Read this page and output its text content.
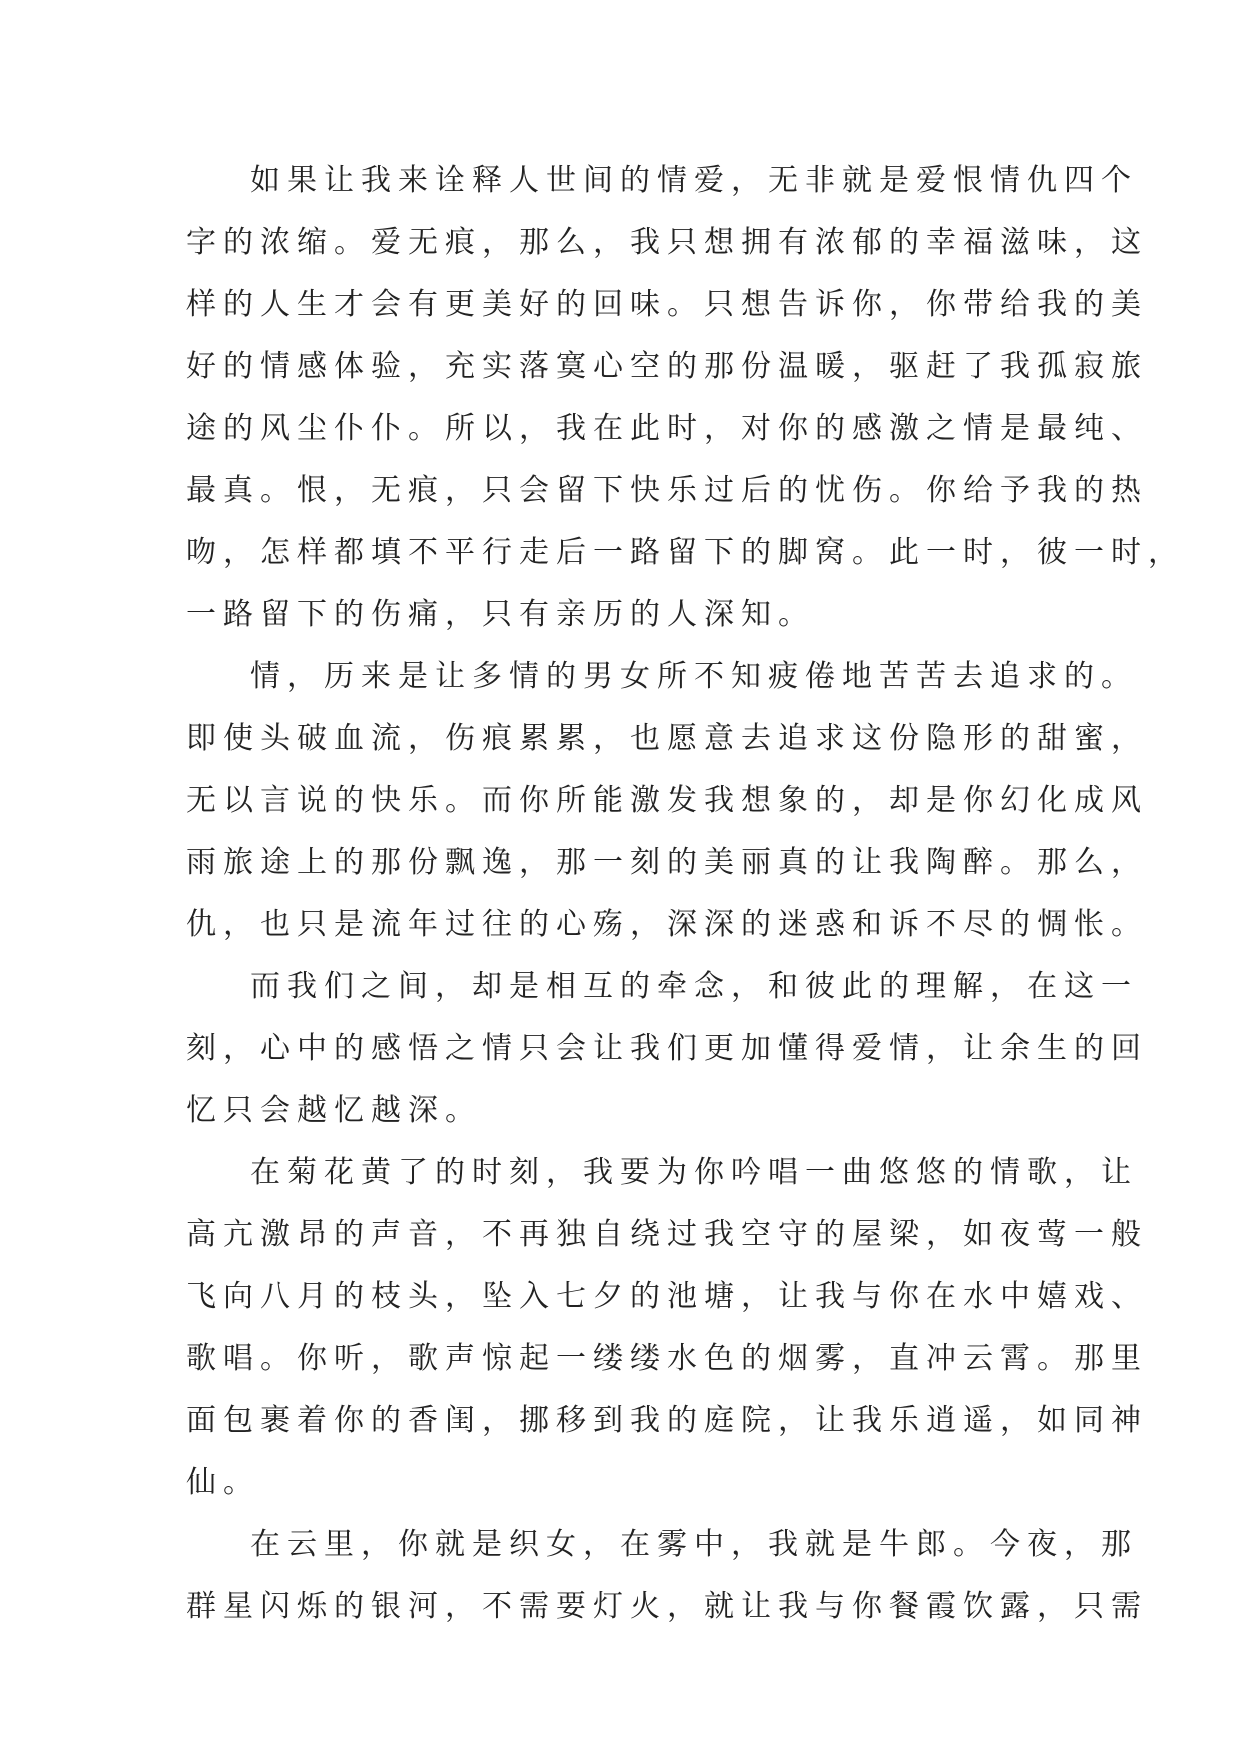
如果让我来诠释人世间的情爱，无非就是爱恨情仇四个
字的浓缩。爱无痕，那么，我只想拥有浓郁的幸福滋味，这
样的人生才会有更美好的回味。只想告诉你，你带给我的美
好的情感体验，充实落寞心空的那份温暖，驱赶了我孤寂旅
途的风尘仆仆。所以，我在此时，对你的感激之情是最纯、
最真。恨，无痕，只会留下快乐过后的忧伤。你给予我的热
吻，怎样都填不平行走后一路留下的脚窝。此一时，彼一时，
一路留下的伤痛，只有亲历的人深知。
情，历来是让多情的男女所不知疲倦地苦苦去追求的。
即使头破血流，伤痕累累，也愿意去追求这份隐形的甜蜜，
无以言说的快乐。而你所能激发我想象的，却是你幻化成风
雨旅途上的那份飘逸，那一刻的美丽真的让我陶醉。那么，
仇，也只是流年过往的心殇，深深的迷惑和诉不尽的惆怅。
而我们之间，却是相互的牵念，和彼此的理解，在这一
刻，心中的感悟之情只会让我们更加懂得爱情，让余生的回
忆只会越忆越深。
在菊花黄了的时刻，我要为你吟唱一曲悠悠的情歌，让
高亢激昂的声音，不再独自绕过我空守的屋梁，如夜莺一般
飞向八月的枝头，坠入七夕的池塘，让我与你在水中嬉戏、
歌唱。你听，歌声惊起一缕缕水色的烟雾，直冲云霄。那里
面包裹着你的香闺，挪移到我的庭院，让我乐逍遥，如同神
仙。
在云里，你就是织女，在雾中，我就是牛郎。今夜，那
群星闪烁的银河，不需要灯火，就让我与你餐霞饮露，只需
